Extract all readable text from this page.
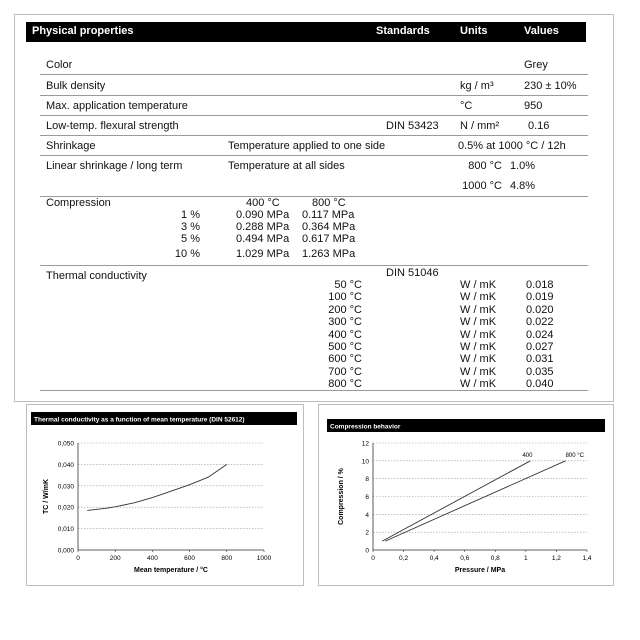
Physical properties	Standards	Units	Values
Color	Grey
Bulk density	kg / m³	230 ± 10%
Max. application temperature	°C	950
Low-temp. flexural strength	DIN 53423 N / mm²	0.16
Shrinkage	Temperature applied to one side	0.5% at 1000 °C / 12h
Linear shrinkage / long term	Temperature at all sides	800 °C 1.0%
1000 °C 4.8%
Compression	400 °C	800 °C
1 %	0.090 MPa 0.117 MPa
3 %	0.288 MPa 0.364 MPa
5 %	0.494 MPa 0.617 MPa
10 %	1.029 MPa 1.263 MPa
Thermal conductivity	DIN 51046
50 °C	W / mK	0.018
100 °C	W / mK	0.019
200 °C	W / mK	0.020
300 °C	W / mK	0.022
400 °C	W / mK	0.024
500 °C	W / mK	0.027
600 °C	W / mK	0.031
700 °C	W / mK	0.035
800 °C	W / mK	0.040
Thermal conductivity as a function of mean temperature (DIN 52612)
0,000
0,010
0,020
0,030
0,040
0,050
0	200	400	600	800	1000
Mean temperature / °C
TC / W/mK
Compression behavior
0
2
4
6
8
10
12
0	0,2	0,4	0,6	0,8	1	1,2	1,4
Pressure / MPa
Compression / %
400	800 °C
